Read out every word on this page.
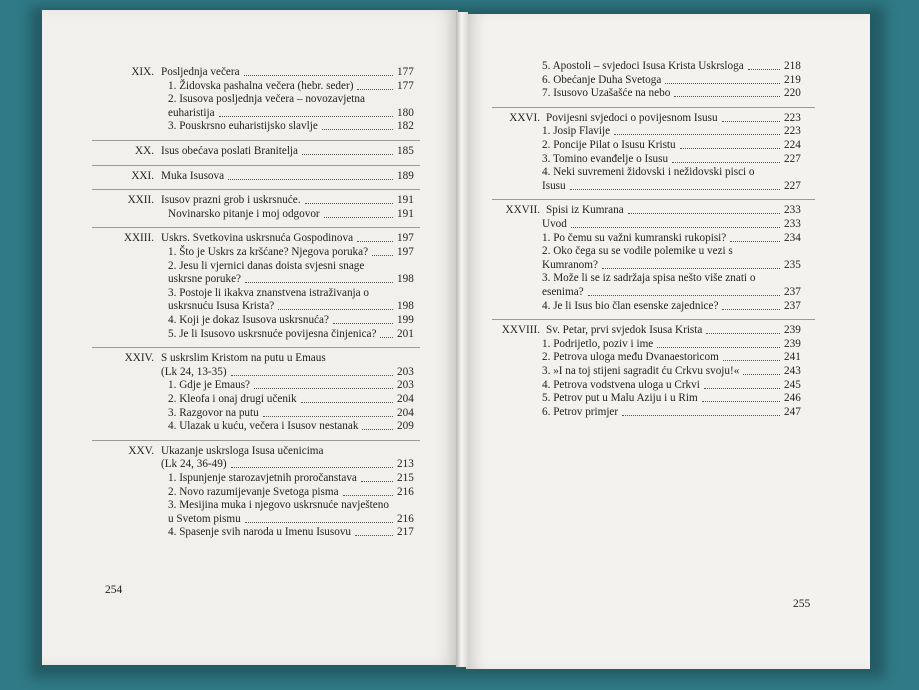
XIX. Posljednja večera	177
1. Židovska pashalna večera (hebr. seder)	177
2. Isusova posljednja večera – novozavjetna
euharistija	180
3. Pouskrsno euharistijsko slavlje	182
XX. Isus obećava poslati Branitelja	185
XXI. Muka Isusova	189
XXII. Isusov prazni grob i uskrsnuće.	191
Novinarsko pitanje i moj odgovor	191
XXIII. Uskrs. Svetkovina uskrsnuća Gospodinova	197
1. Što je Uskrs za kršćane? Njegova poruka?	197
2. Jesu li vjernici danas doista svjesni snage
uskrsne poruke?	198
3. Postoje li ikakva znanstvena istraživanja o
uskrsnuću Isusa Krista?	198
4. Koji je dokaz Isusova uskrsnuća?	199
5. Je li Isusovo uskrsnuće povijesna činjenica? 201
XXIV. S uskrslim Kristom na putu u Emaus
(Lk 24, 13-35)	203
1. Gdje je Emaus?	203
2. Kleofa i onaj drugi učenik	204
3. Razgovor na putu	204
4. Ulazak u kuću, večera i Isusov nestanak	209
XXV. Ukazanje uskrsloga Isusa učenicima
(Lk 24, 36-49)	213
1. Ispunjenje starozavjetnih proročanstava	215
2. Novo razumijevanje Svetoga pisma	216
3. Mesijina muka i njegovo uskrsnuće navješteno
u Svetom pismu	216
4. Spasenje svih naroda u Imenu Isusovu	217
5. Apostoli – svjedoci Isusa Krista Uskrsloga	218
6. Obećanje Duha Svetoga	219
7. Isusovo Uzašašće na nebo	220
XXVI. Povijesni svjedoci o povijesnom Isusu	223
1. Josip Flavije	223
2. Poncije Pilat o Isusu Kristu	224
3. Tomino evanđelje o Isusu	227
4. Neki suvremeni židovski i nežidovski pisci o
Isusu	227
XXVII. Spisi iz Kumrana	233
Uvod	233
1. Po čemu su važni kumranski rukopisi?	234
2. Oko čega su se vodile polemike u vezi s
Kumranom?	235
3. Može li se iz sadržaja spisa nešto više znati o
esenima?	237
4. Je li Isus bio član esenske zajednice?	237
XXVIII. Sv. Petar, prvi svjedok Isusa Krista	239
1. Podrijetlo, poziv i ime	239
2. Petrova uloga među Dvanaestoricom	241
3. »I na toj stijeni sagradit ću Crkvu svoju!«	243
4. Petrova vodstvena uloga u Crkvi	245
5. Petrov put u Malu Aziju i u Rim	246
6. Petrov primjer	247
254
255
